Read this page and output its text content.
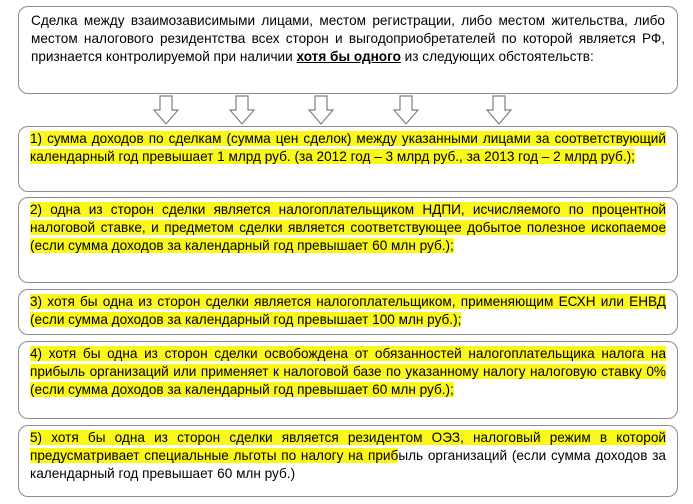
Сделка между взаимозависимыми лицами, местом регистрации, либо местом жительства, либо местом налогового резидентства всех сторон и выгодоприобретателей по которой является РФ, признается контролируемой при наличии хотя бы одного из следующих обстоятельств:
1) сумма доходов по сделкам (сумма цен сделок) между указанными лицами за соответствующий календарный год превышает 1 млрд руб. (за 2012 год – 3 млрд руб., за 2013 год – 2 млрд руб.);
2) одна из сторон сделки является налогоплательщиком НДПИ, исчисляемого по процентной налоговой ставке, и предметом сделки является соответствующее добытое полезное ископаемое (если сумма доходов за календарный год превышает 60 млн руб.);
3) хотя бы одна из сторон сделки является налогоплательщиком, применяющим ЕСХН или ЕНВД (если сумма доходов за календарный год превышает 100 млн руб.);
4) хотя бы одна из сторон сделки освобождена от обязанностей налогоплательщика налога на прибыль организаций или применяет к налоговой базе по указанному налогу налоговую ставку 0% (если сумма доходов за календарный год превышает 60 млн руб.);
5) хотя бы одна из сторон сделки является резидентом ОЭЗ, налоговый режим в которой предусматривает специальные льготы по налогу на прибыль организаций (если сумма доходов за календарный год превышает 60 млн руб.)
